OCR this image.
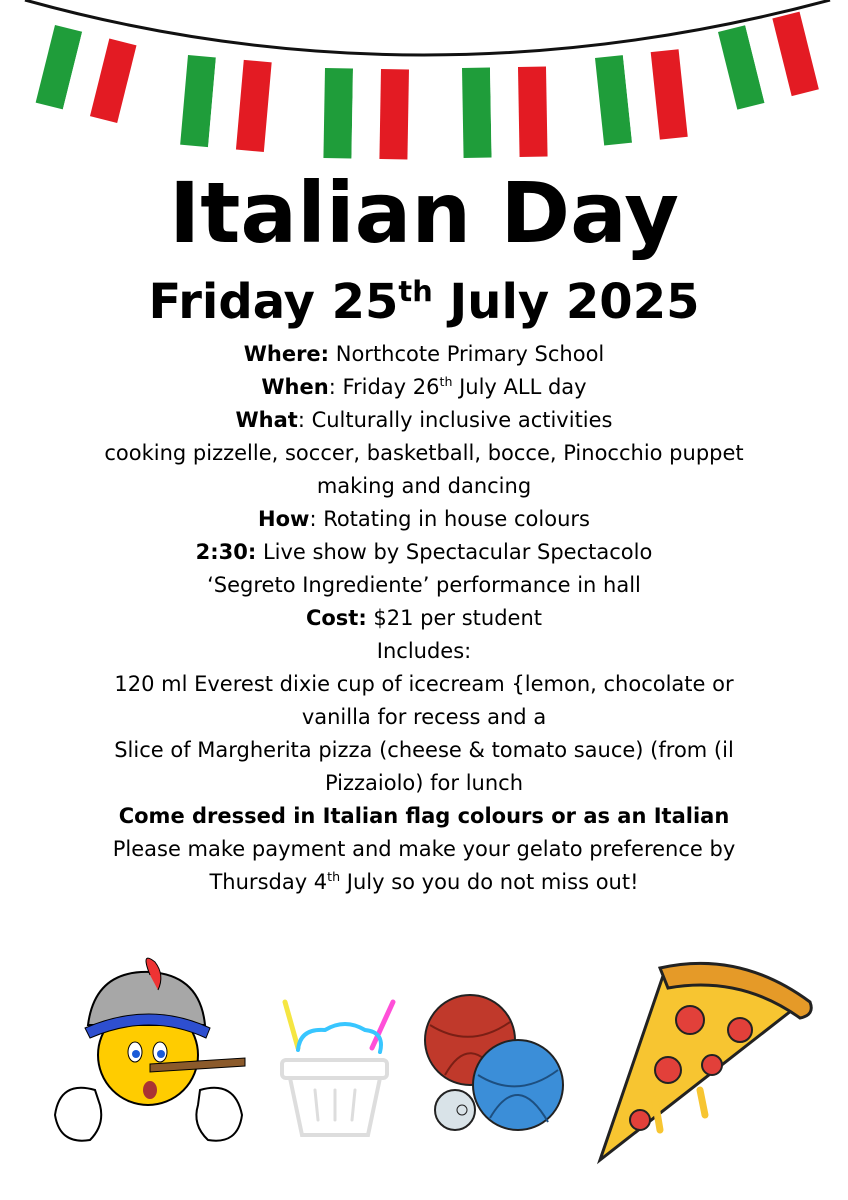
Italian Day
Friday 25th July 2025

Where: Northcote Primary School

When: Friday 26th July ALL day

What: Culturally inclusive activities

cooking pizzelle, soccer, basketball, bocce, Pinocchio puppet

making and dancing

How: Rotating in house colours

2:30: Live show by Spectacular Spectacolo

‘Segreto Ingrediente’ performance in hall

Cost: $21 per student

Includes:

120 ml Everest dixie cup of icecream {lemon, chocolate or

vanilla for recess and a

Slice of Margherita pizza (cheese & tomato sauce) (from (il

Pizzaiolo) for lunch

Come dressed in Italian flag colours or as an Italian

Please make payment and make your gelato preference by

Thursday 4th July so you do not miss out!
